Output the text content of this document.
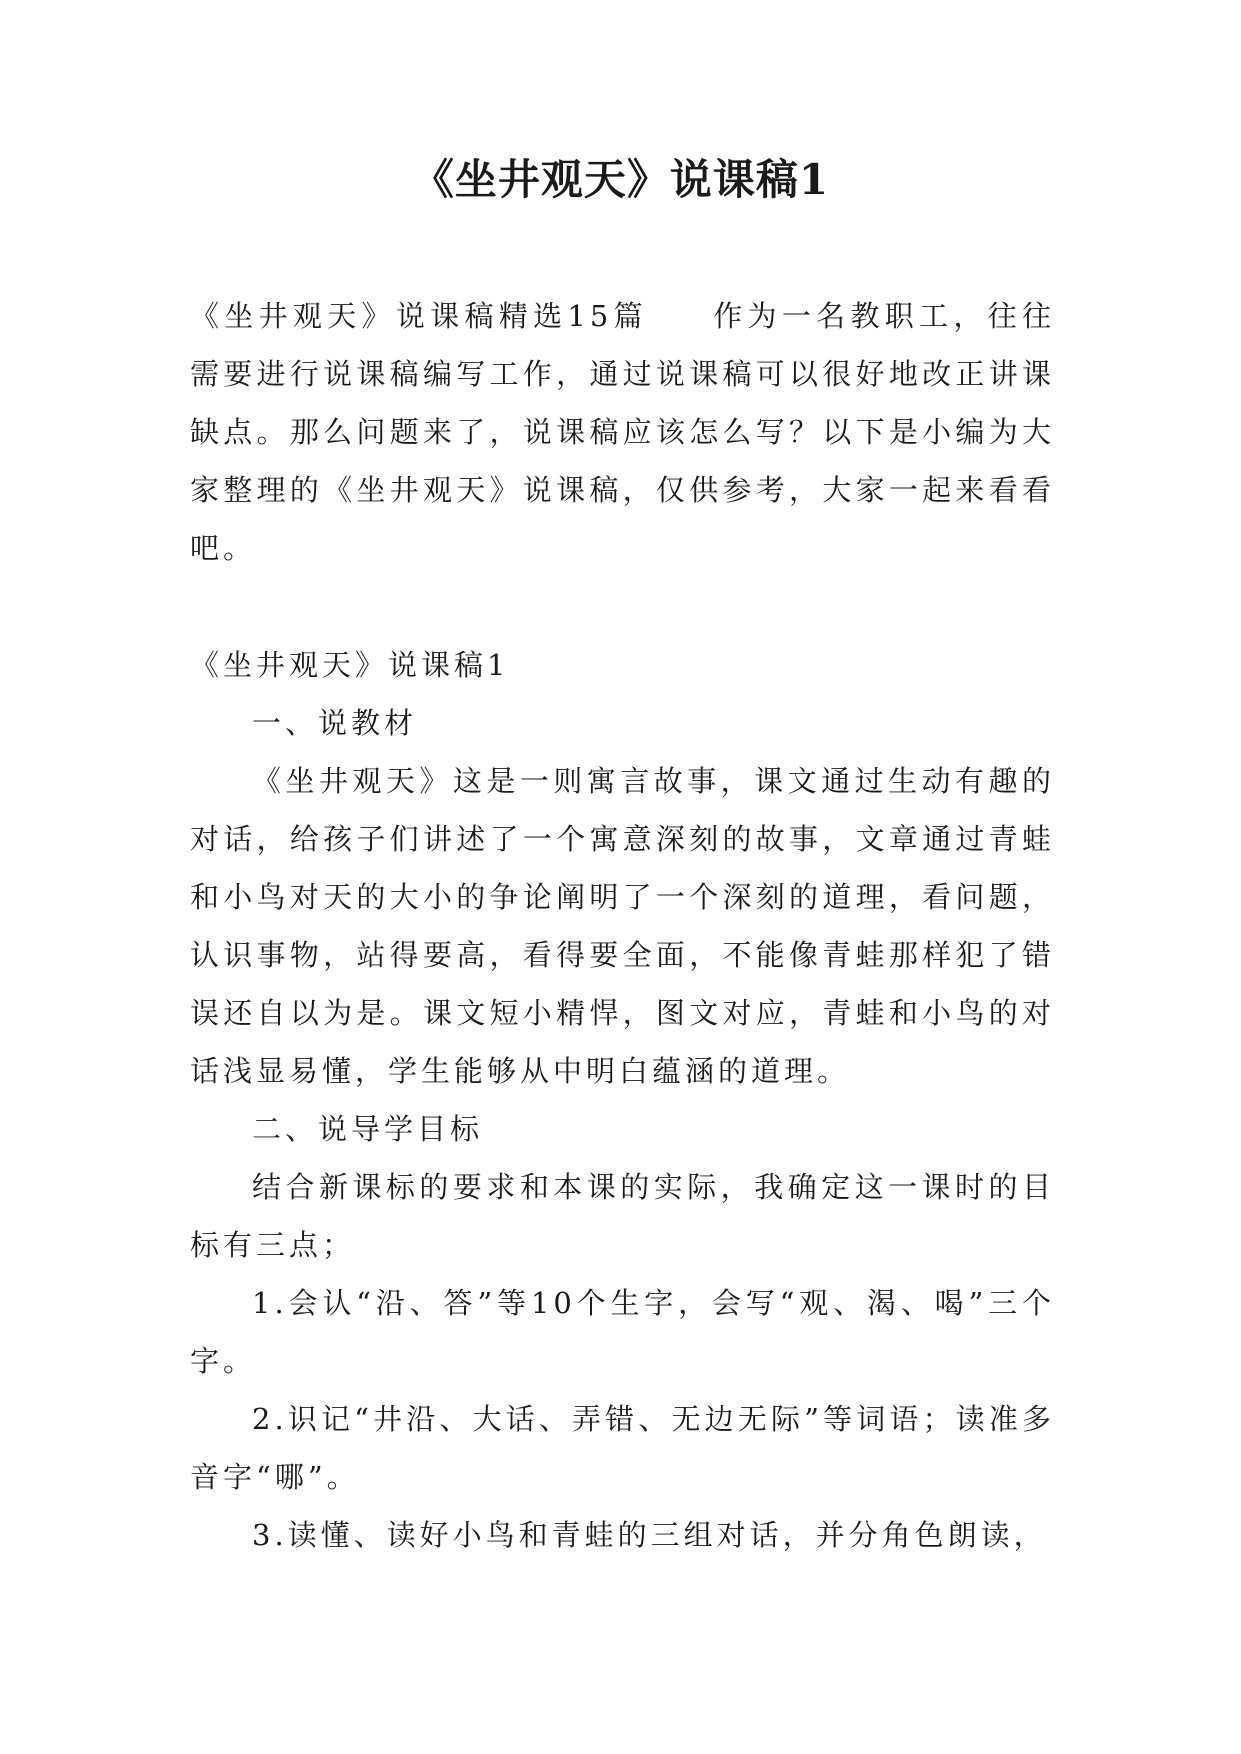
《坐井观天》说课稿1

《坐井观天》说课稿精选15篇 作为一名教职工，往往需要进行说课稿编写工作，通过说课稿可以很好地改正讲课缺点。那么问题来了，说课稿应该怎么写？以下是小编为大家整理的《坐井观天》说课稿，仅供参考，大家一起来看看吧。

《坐井观天》说课稿1

一、说教材

《坐井观天》这是一则寓言故事，课文通过生动有趣的对话，给孩子们讲述了一个寓意深刻的故事，文章通过青蛙和小鸟对天的大小的争论阐明了一个深刻的道理，看问题，认识事物，站得要高，看得要全面，不能像青蛙那样犯了错误还自以为是。课文短小精悍，图文对应，青蛙和小鸟的对话浅显易懂，学生能够从中明白蕴涵的道理。

二、说导学目标

结合新课标的要求和本课的实际，我确定这一课时的目标有三点；

1.会认“沿、答”等10个生字，会写“观、渴、喝”三个字。

2.识记“井沿、大话、弄错、无边无际”等词语；读准多音字“哪”。

3.读懂、读好小鸟和青蛙的三组对话，并分角色朗读，
